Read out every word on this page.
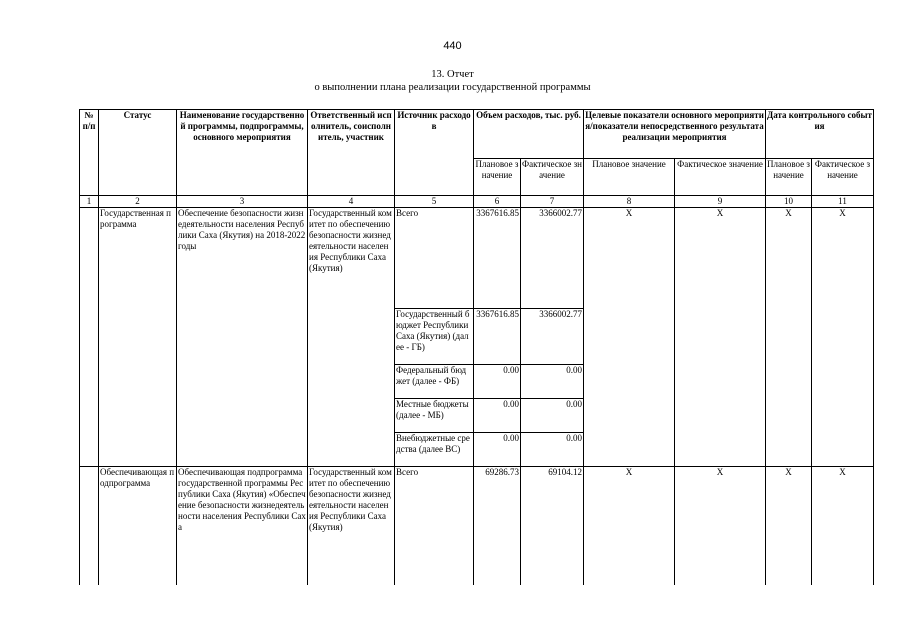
440
13. Отчет
о выполнении плана реализации государственной программы
№ п/п	Статус	Наименование государственной программы, подпрограммы, основного мероприятия	Ответственный исполнитель, соисполнитель, участник	Источник расходов	Объем расходов, тыс. руб.		Целевые показатели основного мероприятия/показатели непосредственного результата реализации мероприятия		Дата контрольного события	
					Плановое значение	Фактическое значение	Плановое значение	Фактическое значение	Плановое значение	Фактическое значение
1	2	3	4	5	6	7	8	9	10	11
	Государственная программа	Обеспечение безопасности жизнедеятельности населения Республики Саха (Якутия) на 2018-2022 годы	Государственный комитет по обеспечению безопасности жизнедеятельности населения Республики Саха (Якутия)	Всего	3367616.85	3366002.77	X	X	X	X
				Государственный бюджет Республики Саха (Якутия) (далее - ГБ)	3367616.85	3366002.77				
				Федеральный бюджет (далее - ФБ)	0.00	0.00				
				Местные бюджеты (далее - МБ)	0.00	0.00				
				Внебюджетные средства (далее ВС)	0.00	0.00				
	Обеспечивающая подпрограмма	Обеспечивающая подпрограмма государственной программы Республики Саха (Якутия) «Обеспечение безопасности жизнедеятельности населения Республики Саха	Государственный комитет по обеспечению безопасности жизнедеятельности населения Республики Саха (Якутия)	Всего	69286.73	69104.12	X	X	X	X
